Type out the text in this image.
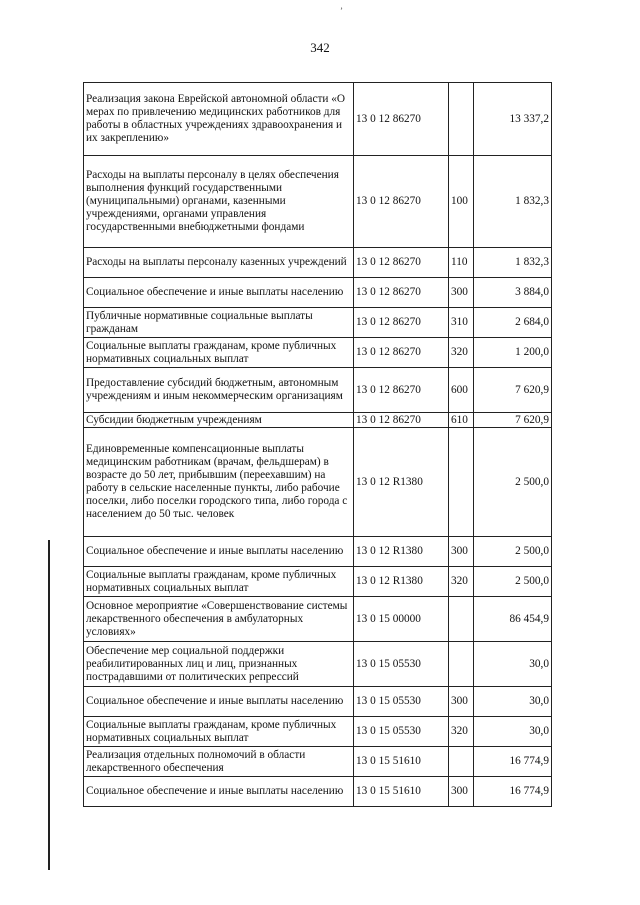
ʼ
342
Реализация закона Еврейской автономной области «О мерах по привлечению медицинских работников для работы в областных учреждениях здравоохранения и их закреплению»	13 0 12 86270		13 337,2
Расходы на выплаты персоналу в целях обеспечения выполнения функций государственными (муниципальными) органами, казенными учреждениями, органами управления государственными внебюджетными фондами	13 0 12 86270	100	1 832,3
Расходы на выплаты персоналу казенных учреждений	13 0 12 86270	110	1 832,3
Социальное обеспечение и иные выплаты населению	13 0 12 86270	300	3 884,0
Публичные нормативные социальные выплаты гражданам	13 0 12 86270	310	2 684,0
Социальные выплаты гражданам, кроме публичных нормативных социальных выплат	13 0 12 86270	320	1 200,0
Предоставление субсидий бюджетным, автономным учреждениям и иным некоммерческим организациям	13 0 12 86270	600	7 620,9
Субсидии бюджетным учреждениям	13 0 12 86270	610	7 620,9
Единовременные компенсационные выплаты медицинским работникам (врачам, фельдшерам) в возрасте до 50 лет, прибывшим (переехавшим) на работу в сельские населенные пункты, либо рабочие поселки, либо поселки городского типа, либо города с населением до 50 тыс. человек	13 0 12 R1380		2 500,0
Социальное обеспечение и иные выплаты населению	13 0 12 R1380	300	2 500,0
Социальные выплаты гражданам, кроме публичных нормативных социальных выплат	13 0 12 R1380	320	2 500,0
Основное мероприятие «Совершенствование системы лекарственного обеспечения в амбулаторных условиях»	13 0 15 00000		86 454,9
Обеспечение мер социальной поддержки реабилитированных лиц и лиц, признанных пострадавшими от политических репрессий	13 0 15 05530		30,0
Социальное обеспечение и иные выплаты населению	13 0 15 05530	300	30,0
Социальные выплаты гражданам, кроме публичных нормативных социальных выплат	13 0 15 05530	320	30,0
Реализация отдельных полномочий в области лекарственного обеспечения	13 0 15 51610		16 774,9
Социальное обеспечение и иные выплаты населению	13 0 15 51610	300	16 774,9
